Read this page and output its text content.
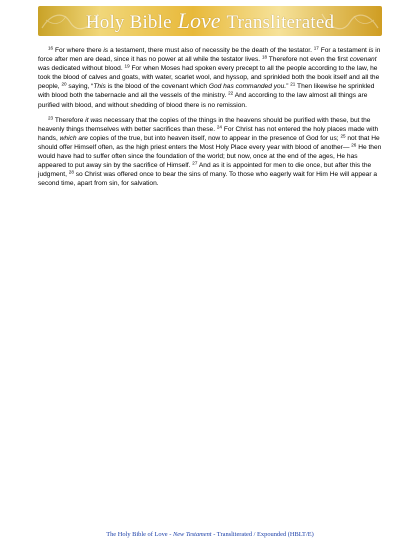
Holy Bible Love Transliterated

$^{16}$ For where there is a testament, there must also of necessity be the death of the testator. $^{17}$ For a testament is in force after men are dead, since it has no power at all while the testator lives. $^{18}$ Therefore not even the first covenant was dedicated without blood. $^{19}$ For when Moses had spoken every precept to all the people according to the law, he took the blood of calves and goats, with water, scarlet wool, and hyssop, and sprinkled both the book itself and all the people, $^{20}$ saying, “This is the blood of the covenant which God has commanded you.” $^{21}$ Then likewise he sprinkled with blood both the tabernacle and all the vessels of the ministry. $^{22}$ And according to the law almost all things are purified with blood, and without shedding of blood there is no remission.

$^{23}$ Therefore it was necessary that the copies of the things in the heavens should be purified with these, but the heavenly things themselves with better sacrifices than these. $^{24}$ For Christ has not entered the holy places made with hands, which are copies of the true, but into heaven itself, now to appear in the presence of God for us; $^{25}$ not that He should offer Himself often, as the high priest enters the Most Holy Place every year with blood of another— $^{26}$ He then would have had to suffer often since the foundation of the world; but now, once at the end of the ages, He has appeared to put away sin by the sacrifice of Himself. $^{27}$ And as it is appointed for men to die once, but after this the judgment, $^{28}$ so Christ was offered once to bear the sins of many. To those who eagerly wait for Him He will appear a second time, apart from sin, for salvation.

The Holy Bible of Love - New Testament - Transliterated / Expounded (HBLT/E)
